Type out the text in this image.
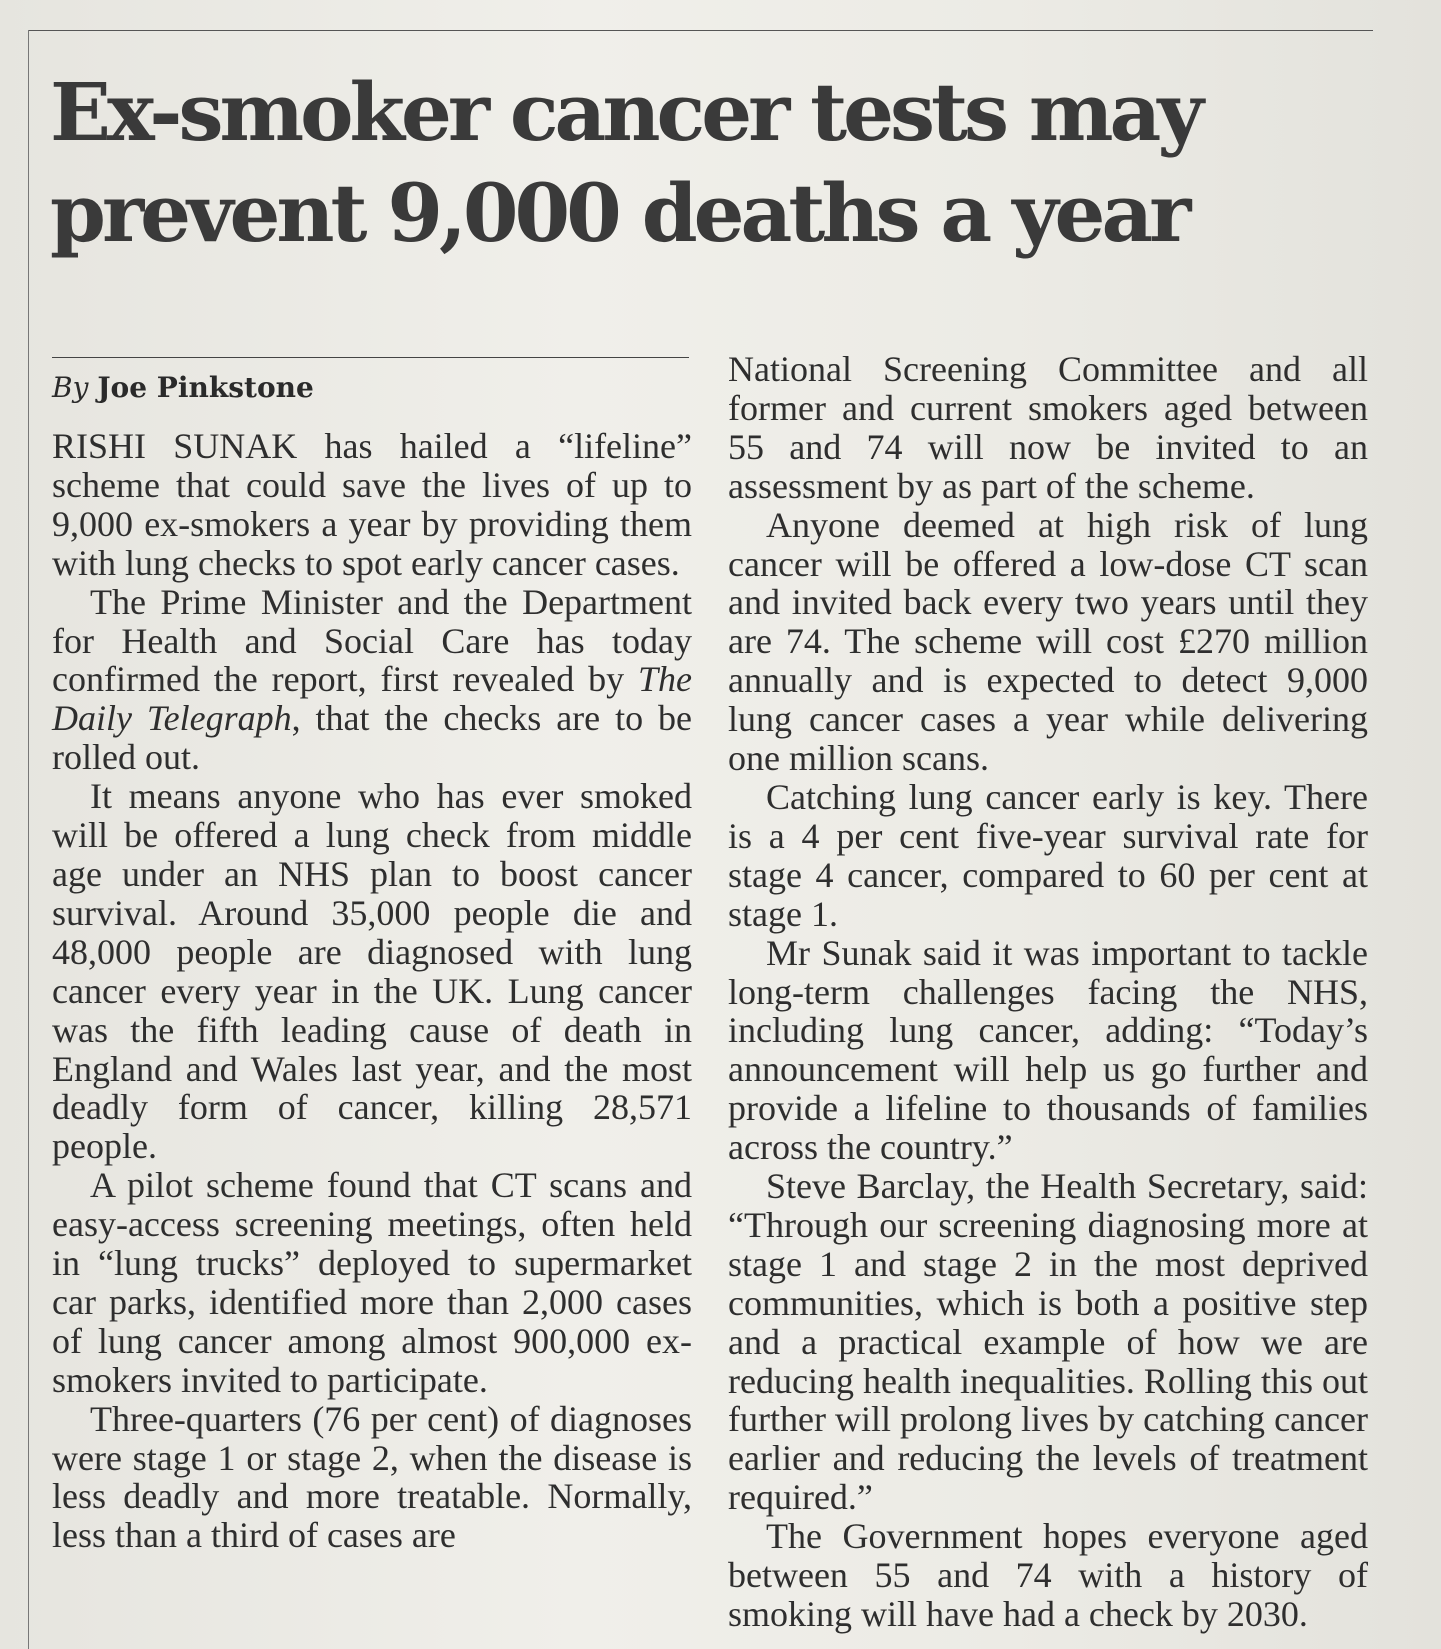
Ex-smoker cancer tests may prevent 9,000 deaths a year
By Joe Pinkstone

RISHI SUNAK has hailed a “lifeline” scheme that could save the lives of up to 9,000 ex-smokers a year by providing them with lung checks to spot early cancer cases.

The Prime Minister and the Department for Health and Social Care has today confirmed the report, first revealed by The Daily Telegraph, that the checks are to be rolled out.

It means anyone who has ever smoked will be offered a lung check from middle age under an NHS plan to boost cancer survival. Around 35,000 people die and 48,000 people are diagnosed with lung cancer every year in the UK. Lung cancer was the fifth leading cause of death in England and Wales last year, and the most deadly form of cancer, killing 28,571 people.

A pilot scheme found that CT scans and easy-access screening meetings, often held in “lung trucks” deployed to supermarket car parks, identified more than 2,000 cases of lung cancer among almost 900,000 ex-smokers invited to participate.

Three-quarters (76 per cent) of diagnoses were stage 1 or stage 2, when the disease is less deadly and more treatable. Normally, less than a third of cases are

National Screening Committee and all former and current smokers aged between 55 and 74 will now be invited to an assessment by as part of the scheme.

Anyone deemed at high risk of lung cancer will be offered a low-dose CT scan and invited back every two years until they are 74. The scheme will cost £270 million annually and is expected to detect 9,000 lung cancer cases a year while delivering one million scans.

Catching lung cancer early is key. There is a 4 per cent five-year survival rate for stage 4 cancer, compared to 60 per cent at stage 1.

Mr Sunak said it was important to tackle long-term challenges facing the NHS, including lung cancer, adding: “Today’s announcement will help us go further and provide a lifeline to thousands of families across the country.”

Steve Barclay, the Health Secretary, said: “Through our screening diagnosing more at stage 1 and stage 2 in the most deprived communities, which is both a positive step and a practical example of how we are reducing health inequalities. Rolling this out further will prolong lives by catching cancer earlier and reducing the levels of treatment required.”

The Government hopes everyone aged between 55 and 74 with a history of smoking will have had a check by 2030.
